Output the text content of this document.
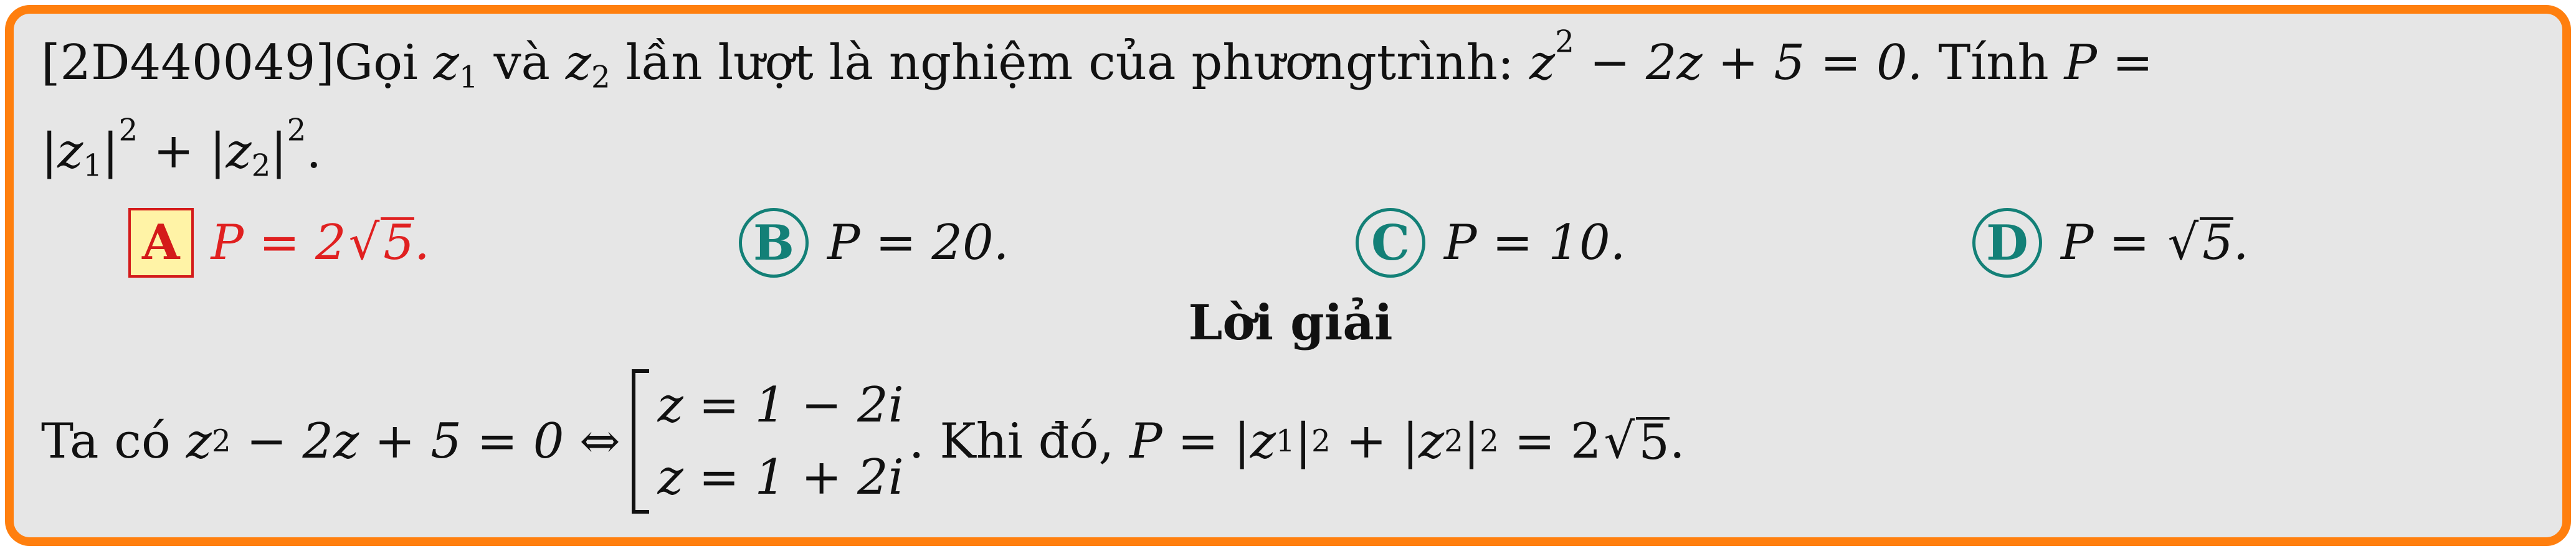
[2D440049]Gọi $z_1$ và $z_2$ lần lượt là nghiệm của phươngtrình: $z^2 - 2z + 5 = 0$. Tính P =
$|z_1|^2 + |z_2|^2$.
A P = 2√5.	B P = 20.	C P = 10.	D P = √5.
Lời giải
Ta có
z 2
− 2z + 5 = 0 ⇔
z = 1 − 2i
z = 1 + 2i
. Khi đó,
P =
| z 1 | 2 + | z 2 | 2
= 2 √ 5 .
